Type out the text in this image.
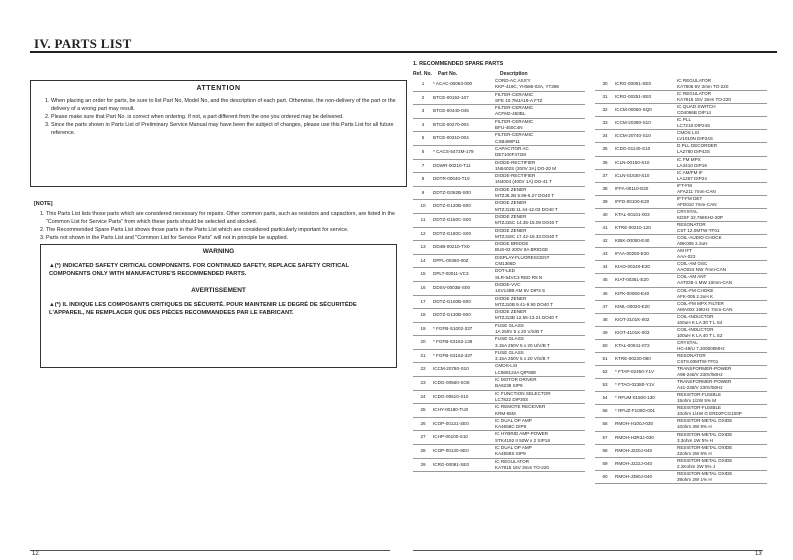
IV. PARTS LIST
ATTENTION
1. When placing an order for parts, be sure to list Part No, Model No, and the description of each part. Otherwise, the non-delivery of the part or the delivery of a wrong part may result.
2. Please make sure that Part No. is correct when ordering. If not, a part different from the one you ordered may be delivered.
3. Since the parts shown in Parts List of Preliminary Service Manual may have been the subject of changes, please use this Parts List for all future reference.
[NOTE]
1. This Parts List lists those parts which are considered necessary for repairs. Other common parts, such as resistors and capacitors, are listed in the "Common List for Service Parts" from which these parts should be selected and stocked.
2. The Recommended Spare Parts List shows those parts in the Parts List which are considered particularly important for service.
3. Parts not shown in the Parts List and "Common List for Service Parts" will not in principle be supplied.
WARNING
▲(*) INDICATED SAFETY CRITICAL COMPONENTS. FOR CONTINUED SAFETY, REPLACE SAFETY CRITICAL COMPONENTS ONLY WITH MANUFACTURE'S RECOMMENDED PARTS.
AVERTISSEMENT
▲(*) IL INDIQUE LES COMPOSANTS CRITIQUES DE SÉCURITÉ. POUR MAINTENIR LE DEGRÉ DE SÉCURITÉDE L'APPAREIL, NE REMPLACER QUE DES PIÈCES RECOMMANDEES PAR LE FABRICANT.
1. RECOMMENDED SPARE PARTS
Ref. No. Part No.	Description
1	* ACAC-00063-000
CORD-AC ASS'Y
KKP-419C, YH586-03A, YT396
2	BTCE-00152-107
FILTER-CERAMIC
SFE 10.7MJA19-A FTZ
3	BTCE-00440-045
FILTER-CERAMIC
ACFM2-450BL
4	BTCE-00270-004
FILTER-CERAMIC
BFU-450C4N
5	BTCE-00310-004
FILTER-CERAMIC
CSB498P11
6	* CACS-5472M-179
CAPACITOR AC
DE7100F472M
7	DDWR-00210-T11
DIODE-RECTIFIER
1N5402S (200V 3A) DO-20 M
8	DDTR-00040-T10
DIODE-RECTIFIER
1N4004 (400V 1A) DO-41 T
9	DDTZ-G062B-S00
DIODE ZENER
MTZJ6.2B 5.96-6.27 DO40 T
10	DDTZ-G120B-S00
DIODE ZENER
MTZJ12B 11.44-12.03 DO40 T
11	DDTZ-G150C-S00
DIODE ZENER
MTZJ15C 14.35-15.09 DO40 T
12	DDTZ-G180C-S00
DIODE ZENER
MTZJ18C 17.42-18.33 DO40 T
13	DD4B-00210-TX0
DIODE BRIDGE
BU8-02 200V 8A BRIDGE
14	DPFL-00360-00Z
DISPLAY-FLUORESCENT
CM1366D
15	DPLT-00011-VC3
DOT-LED
SLR-54VC3 RED R5 N
16	DDSV-0003B-S00
DIODE-VVC
1SV149B AM 6V DIP3 S
17	DDTZ-G100B-S00
DIODE ZENER
MTZJ10B 9.41-9.90 DO40 T
18	DDTZ-G130B-S00
DIODE ZENER
MTZJ13B 12.55-13.21 DO40 T
19	* FGFB-S1002-337
FUSE GLASS
1A 250V 5 x 20 V/S/B T
20	* FGFB-S3152-139
FUSE GLASS
3.15A 250V 5 x 20 U/V/B T
21	* FGFB-S3152-337
FUSE GLASS
3.15A 250V 5 x 20 V/S/B T
22	ICCM-20780-S10
CMOS-LSI
LC868124A QIP80E
23	ICDG-00560-SO6
IC MOTOR DRIVER
BA6238 SIP9
24	ICDG-00610-S10
IC FUNCTION SELECTOR
LC7822 DIP30S
25	ICHY-00180-TU0
IC REMOTE RECEIVER
KRM-65M
26	ICOP-00131-SE0
IC DUAL OP AMP
KA4558C DIP8
27	ICHP-00100-S10
IC HYBRID AMP-POWER
STK4192 II 50W x 2 SIP18
28	ICOP-00130-SE0
IC DUAL OP AMP
KA4558S SIP9
29	ICRG-00081-SE0
IC REGULATOR
KA7815 15V 3mm TO-220
30	ICRG-00091-SE0
IC REGULATOR
KA7806 6V 3mm TO-220
31	ICRG-00251-SE0
IC REGULATOR
KA7915 15V 3mm TO-220
32	ICCM-00060-SQ0
IC QUAD SWITCH
CD4066B DIP14
33	ICCM-20380-S10
IC PLL
LC7218 DIP24S
34	ICCM-20740-S10
CMOS LSI
LV1010N DIP24S
35	ICDG-01140-S10
D.PLL DECORDER
LA2780 DIP42S
36	ICLN-00150-S10
IC FM MPX
LA3410 DIP16
37	ICLN-01630-S10
IC AM/FM IF
LA1267 DIP24
38	IFFA-00110-E20
IFT-FM
AFA211 7mm-CAN
39	IFFD-00100-E20
IFT-FM DET
AFD010 7mm-CAN
40	KTAL-00101-003
CRYSTAL
KDSF 32.768KHz-20P
41	KTRE-00210-120
RESONATOR
CST 12.0MTW-TF01
42	KBIK-00050-E40
COIL-AUDIO CHOCK
ABK005 2.2uH
43	IFAA-00250-E20
AM IFT
AAA-023
44	KIAO-00240-E20
COIL-AM OSC
AAO024 NW 7mm-CAN
45	KIAT-00351-E20
COIL-AM ANT
AAT035-1 MW 10mm-CAN
46	KIFK-00050-E40
COIL-FM CHOKE
AFK-005 2.2uH K
47	KIML-00020-E20
COIL-FM MPX FILTER
AMA002 19KHz 7mm-CAN
48	KIOT-3101K-002
COIL-INDUCTOR
100uH K LA 30 T L S4
49	KIOT-4101K-003
COIL-INDUCTOR
100uH K LA 40 T L S2
50	KTAL-00041-072
CRYSTAL
HC-49/U 7.200000MHz
51	KTRE-00220-080
RESONATOR
CST8.00MTW-TF01
52	* FTAP-02450-Y1V
TRANSFORMER-POWER
A96-245/V 230V/50Hz
53	* FTAO-02380-Y1V
TRANSFORMER-POWER
A41-238/V 230V/50Hz
54	* RFUM-01500-130
RESISTOR-FUSIBLE
15ohm 1/2W 5% M
55	* RFUZ-F100G-001
RESISTOR-FUSIBLE
10ohm 1/4W G ERD2FCG100P
56	RMOH-H100J-030
RESISTOR-METAL OXIDE
10ohm 3W 5% H
57	RMOH-H3R3J-030
RESISTOR-METAL OXIDE
3.3ohm 1W 5% H
58	RMOH-J220J-040
RESISTOR-METAL OXIDE
22ohm 2W 5% H
59	RMOH-J222J-040
RESISTOR-METAL OXIDE
2.2Kohm 2W 5% J
60	RMOH-J390J-040
RESISTOR-METAL OXIDE
39ohm 2W 1% H
12	13
